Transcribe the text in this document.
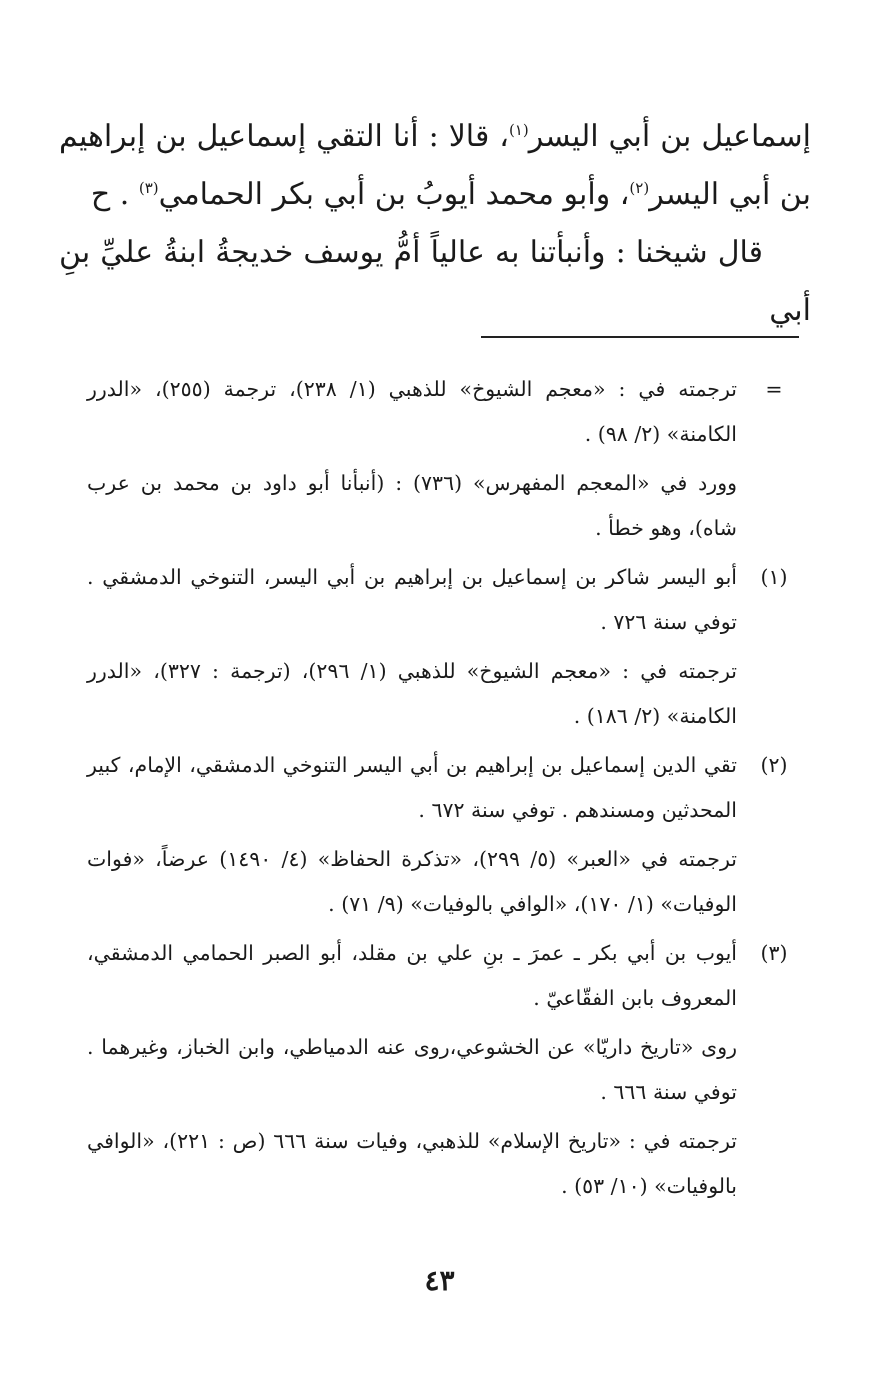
إسماعيل بن أبي اليسر$^{(١)}$، قالا : أنا التقي إسماعيل بن إبراهيم بن أبي اليسر$^{(٢)}$، وأبو محمد أيوبُ بن أبي بكر الحمامي$^{(٣)}$ . ح

قال شيخنا : وأنبأتنا به عالياً أمُّ يوسف خديجةُ ابنةُ عليِّ بنِ أبي

=

ترجمته في : «معجم الشيوخ» للذهبي (١/ ٢٣٨)، ترجمة (٢٥٥)، «الدرر الكامنة» (٢/ ٩٨) .

وورد في «المعجم المفهرس» (٧٣٦) : (أنبأنا أبو داود بن محمد بن عرب شاه)، وهو خطأ .

(١)

أبو اليسر شاكر بن إسماعيل بن إبراهيم بن أبي اليسر، التنوخي الدمشقي . توفي سنة ٧٢٦ .

ترجمته في : «معجم الشيوخ» للذهبي (١/ ٢٩٦)، (ترجمة : ٣٢٧)، «الدرر الكامنة» (٢/ ١٨٦) .

(٢)

تقي الدين إسماعيل بن إبراهيم بن أبي اليسر التنوخي الدمشقي، الإمام، كبير المحدثين ومسندهم . توفي سنة ٦٧٢ .

ترجمته في «العبر» (٥/ ٢٩٩)، «تذكرة الحفاظ» (٤/ ١٤٩٠) عرضاً، «فوات الوفيات» (١/ ١٧٠)، «الوافي بالوفيات» (٩/ ٧١) .

(٣)

أيوب بن أبي بكر ـ عمرَ ـ بنِ علي بن مقلد، أبو الصبر الحمامي الدمشقي، المعروف بابن الفقّاعيّ .

روى «تاريخ داريّا» عن الخشوعي،روى عنه الدمياطي، وابن الخباز، وغيرهما . توفي سنة ٦٦٦ .

ترجمته في : «تاريخ الإسلام» للذهبي، وفيات سنة ٦٦٦ (ص : ٢٢١)، «الوافي بالوفيات» (١٠/ ٥٣) .

٤٣
